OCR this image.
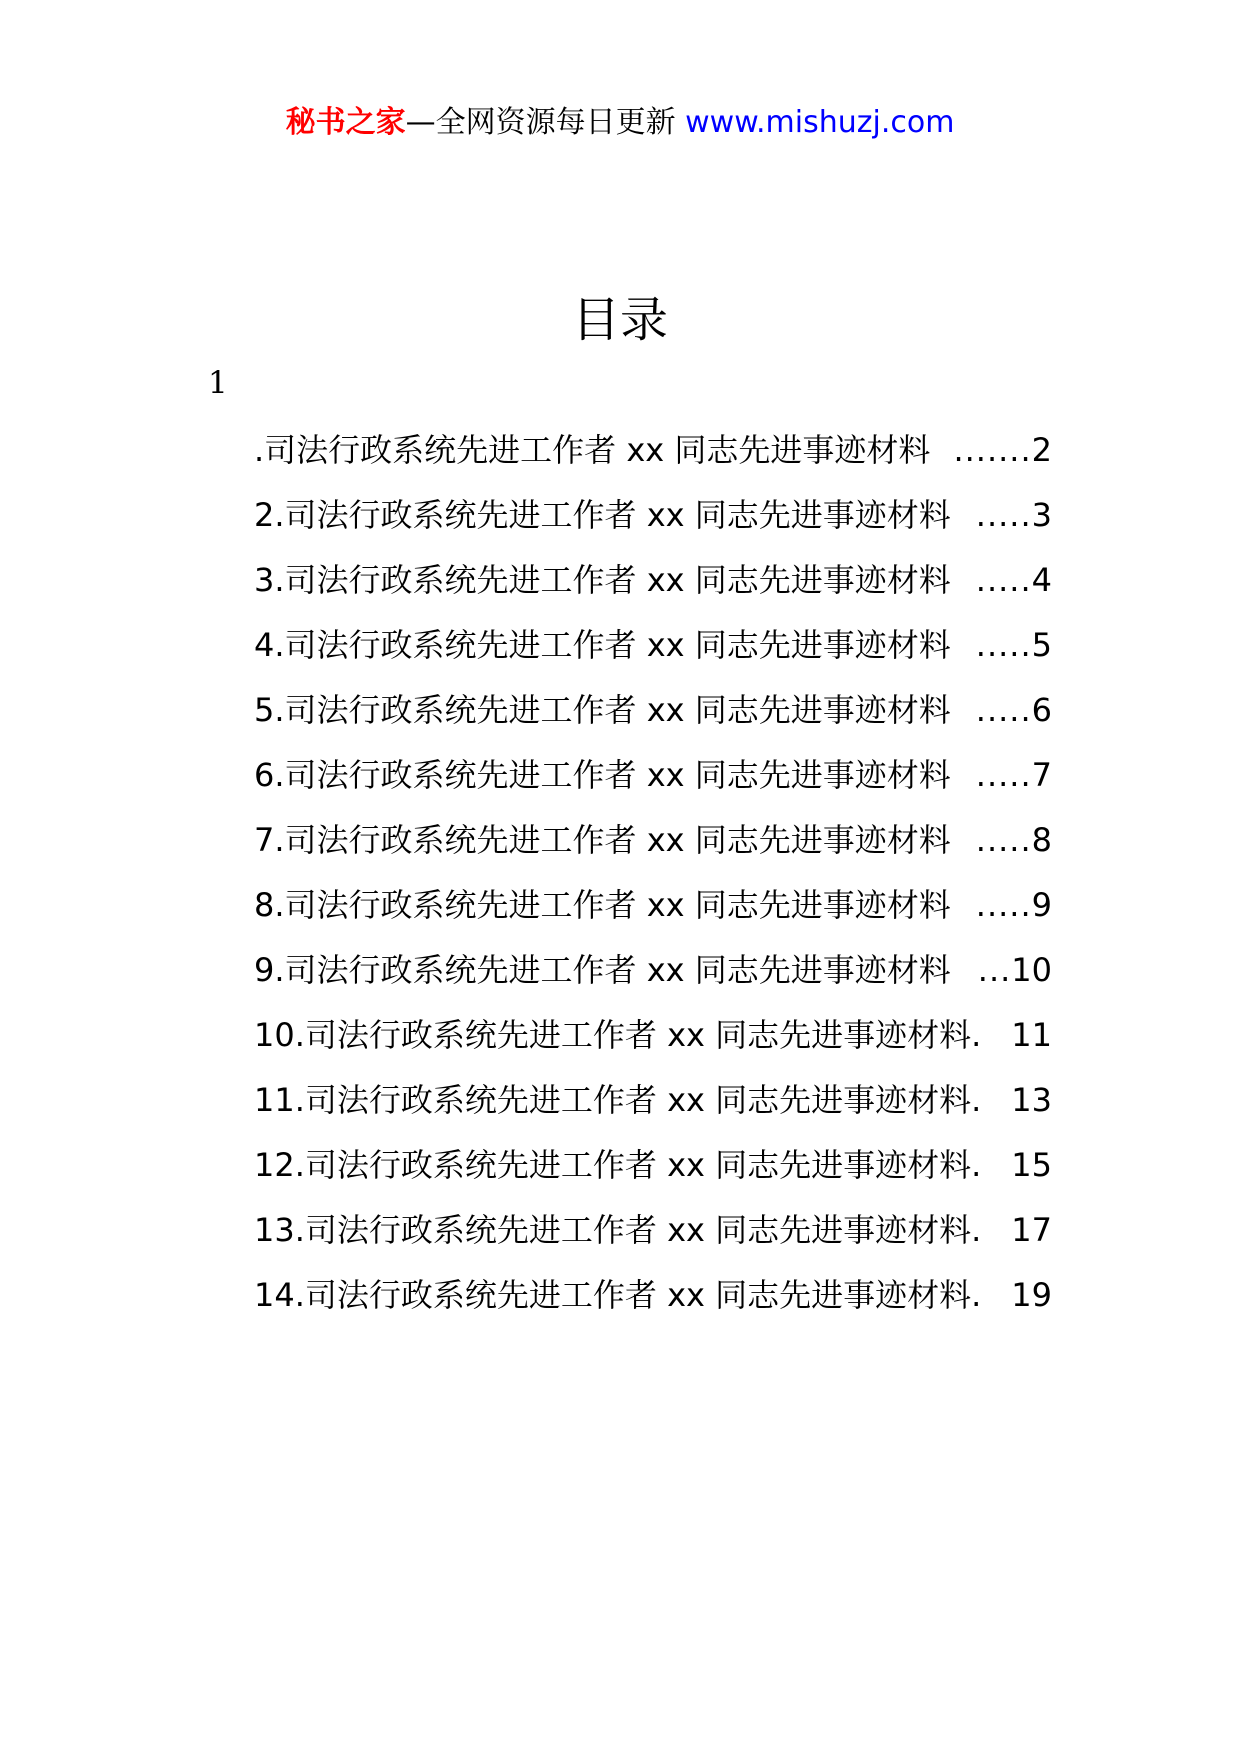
秘书之家—全网资源每日更新 www.mishuzj.com
目录
1
.司法行政系统先进工作者 xx 同志先进事迹材料 ....... 2
2.司法行政系统先进工作者 xx 同志先进事迹材料 ..... 3
3.司法行政系统先进工作者 xx 同志先进事迹材料 ..... 4
4.司法行政系统先进工作者 xx 同志先进事迹材料 ..... 5
5.司法行政系统先进工作者 xx 同志先进事迹材料 ..... 6
6.司法行政系统先进工作者 xx 同志先进事迹材料 ..... 7
7.司法行政系统先进工作者 xx 同志先进事迹材料 ..... 8
8.司法行政系统先进工作者 xx 同志先进事迹材料 ..... 9
9.司法行政系统先进工作者 xx 同志先进事迹材料 ... 10
10.司法行政系统先进工作者 xx 同志先进事迹材料 . 11
11.司法行政系统先进工作者 xx 同志先进事迹材料 . 13
12.司法行政系统先进工作者 xx 同志先进事迹材料 . 15
13.司法行政系统先进工作者 xx 同志先进事迹材料 . 17
14.司法行政系统先进工作者 xx 同志先进事迹材料 . 19
